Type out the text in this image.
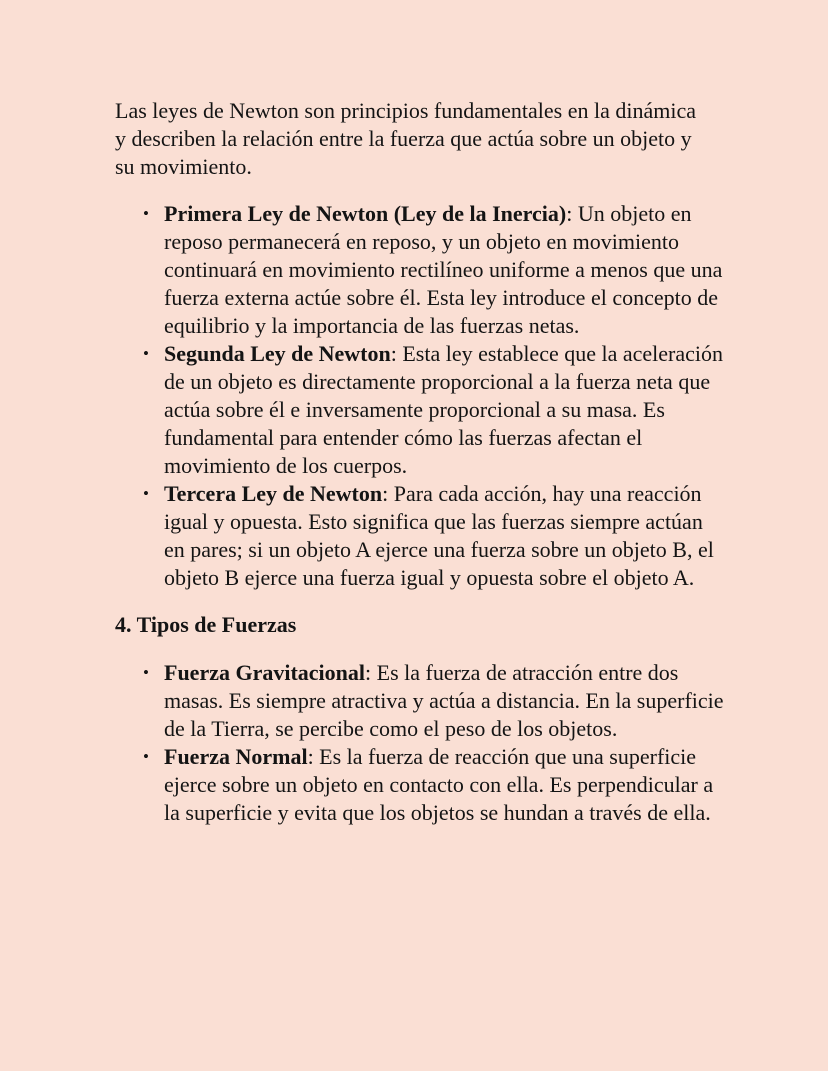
Las leyes de Newton son principios fundamentales en la dinámica y describen la relación entre la fuerza que actúa sobre un objeto y su movimiento.

• Primera Ley de Newton (Ley de la Inercia): Un objeto en reposo permanecerá en reposo, y un objeto en movimiento continuará en movimiento rectilíneo uniforme a menos que una fuerza externa actúe sobre él. Esta ley introduce el concepto de equilibrio y la importancia de las fuerzas netas.
• Segunda Ley de Newton: Esta ley establece que la aceleración de un objeto es directamente proporcional a la fuerza neta que actúa sobre él e inversamente proporcional a su masa. Es fundamental para entender cómo las fuerzas afectan el movimiento de los cuerpos.
• Tercera Ley de Newton: Para cada acción, hay una reacción igual y opuesta. Esto significa que las fuerzas siempre actúan en pares; si un objeto A ejerce una fuerza sobre un objeto B, el objeto B ejerce una fuerza igual y opuesta sobre el objeto A.
4. Tipos de Fuerzas
• Fuerza Gravitacional: Es la fuerza de atracción entre dos masas. Es siempre atractiva y actúa a distancia. En la superficie de la Tierra, se percibe como el peso de los objetos.
• Fuerza Normal: Es la fuerza de reacción que una superficie ejerce sobre un objeto en contacto con ella. Es perpendicular a la superficie y evita que los objetos se hundan a través de ella.
